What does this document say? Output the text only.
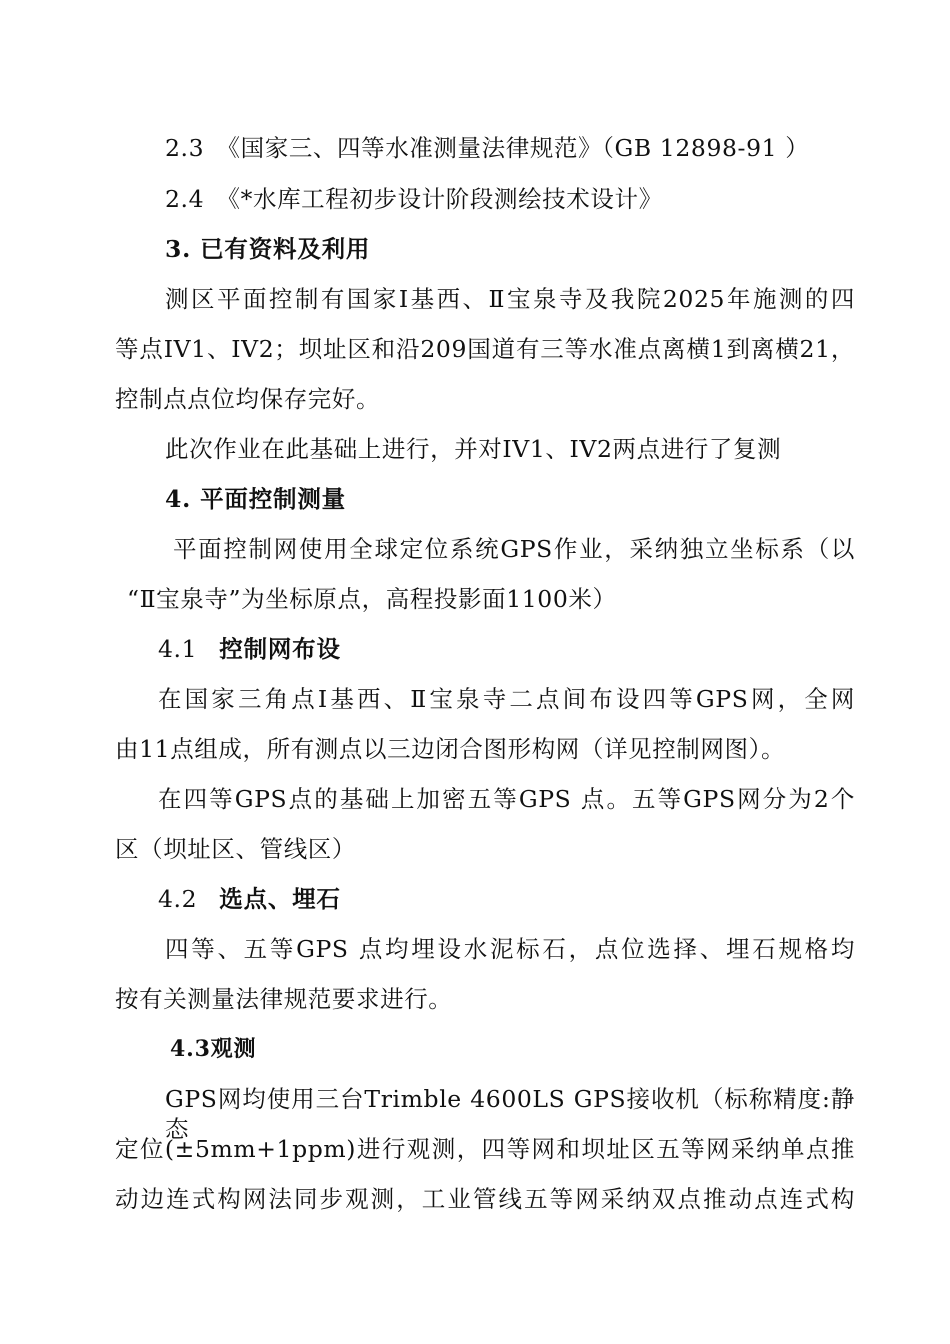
2.3　《国家三、四等水准测量法律规范》（GB 12898-91 ）
2.4　《*水库工程初步设计阶段测绘技术设计》
3. 已有资料及利用
测区平面控制有国家Ⅰ基西、Ⅱ宝泉寺及我院2025年施测的四
等点IV1、IV2；坝址区和沿209国道有三等水准点离横1到离横21，
控制点点位均保存完好。
此次作业在此基础上进行，并对IV1、IV2两点进行了复测
4. 平面控制测量
平面控制网使用全球定位系统GPS作业，采纳独立坐标系（以
“Ⅱ宝泉寺”为坐标原点，高程投影面1100米）
4.1 控制网布设
在国家三角点Ⅰ基西、Ⅱ宝泉寺二点间布设四等GPS网，全网
由11点组成，所有测点以三边闭合图形构网（详见控制网图）。
在四等GPS点的基础上加密五等GPS 点。五等GPS网分为2个
区（坝址区、管线区）
4.2 选点、埋石
四等、五等GPS 点均埋设水泥标石，点位选择、埋石规格均
按有关测量法律规范要求进行。
4.3观测
GPS网均使用三台Trimble 4600LS GPS接收机（标称精度:静态
定位(±5mm+1ppm)进行观测，四等网和坝址区五等网采纳单点推
动边连式构网法同步观测，工业管线五等网采纳双点推动点连式构
